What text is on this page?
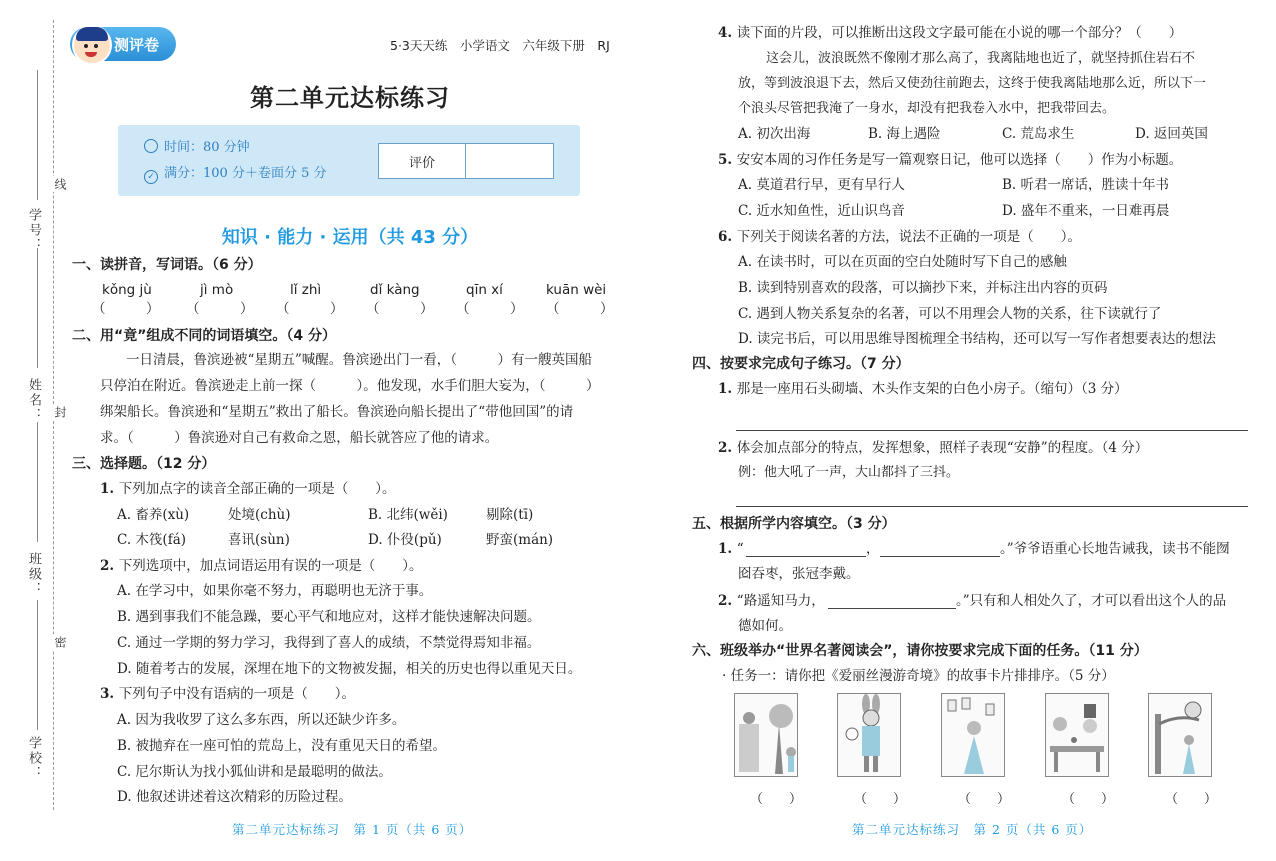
学号：
姓名：
班级：
学校：
线
封
密
测评卷	5·3天天练　小学语文　六年级下册　RJ
第二单元达标练习
时间：80 分钟
✓ 满分：100 分＋卷面分 5 分
评价
知识 · 能力 · 运用（共 43 分）
一、读拼音，写词语。（6 分）
kǒng jù	jì mò	lǐ zhì	dǐ kàng	qīn xí	kuān wèi
（　　　） （　　　） （　　　） （　　　） （　　　） （　　　）
二、用“竟”组成不同的词语填空。（4 分）
一日清晨，鲁滨逊被“星期五”喊醒。鲁滨逊出门一看，（　　　）有一艘英国船
只停泊在附近。鲁滨逊走上前一探（　　　）。他发现，水手们胆大妄为，（　　　）
绑架船长。鲁滨逊和“星期五”救出了船长。鲁滨逊向船长提出了“带他回国”的请
求。（　　　）鲁滨逊对自己有救命之恩，船长就答应了他的请求。
三、选择题。（12 分）
1. 下列加点字的读音全部正确的一项是（　　）。
A. 畜养(xù)	处境(chù)	B. 北纬(wěi)	剔除(tī)
C. 木筏(fá)	喜讯(sùn)	D. 仆役(pǔ)	野蛮(mán)
2. 下列选项中，加点词语运用有误的一项是（　　）。
A. 在学习中，如果你毫不努力，再聪明也无济于事。
B. 遇到事我们不能急躁，要心平气和地应对，这样才能快速解决问题。
C. 通过一学期的努力学习，我得到了喜人的成绩，不禁觉得焉知非福。
D. 随着考古的发展，深埋在地下的文物被发掘，相关的历史也得以重见天日。
3. 下列句子中没有语病的一项是（　　）。
A. 因为我收罗了这么多东西，所以还缺少许多。
B. 被抛弃在一座可怕的荒岛上，没有重见天日的希望。
C. 尼尔斯认为找小狐仙讲和是最聪明的做法。
D. 他叙述讲述着这次精彩的历险过程。
第二单元达标练习　第 1 页（共 6 页）
4. 读下面的片段，可以推断出这段文字最可能在小说的哪一个部分？（　　）
这会儿，波浪既然不像刚才那么高了，我离陆地也近了，就坚持抓住岩石不
放，等到波浪退下去，然后又使劲往前跑去，这终于使我离陆地那么近，所以下一
个浪头尽管把我淹了一身水，却没有把我卷入水中，把我带回去。
A. 初次出海	B. 海上遇险	C. 荒岛求生	D. 返回英国
5. 安安本周的习作任务是写一篇观察日记，他可以选择（　　）作为小标题。
A. 莫道君行早，更有早行人	B. 听君一席话，胜读十年书
C. 近水知鱼性，近山识鸟音	D. 盛年不重来，一日难再晨
6. 下列关于阅读名著的方法，说法不正确的一项是（　　）。
A. 在读书时，可以在页面的空白处随时写下自己的感触
B. 读到特别喜欢的段落，可以摘抄下来，并标注出内容的页码
C. 遇到人物关系复杂的名著，可以不用理会人物的关系，往下读就行了
D. 读完书后，可以用思维导图梳理全书结构，还可以写一写作者想要表达的想法
四、按要求完成句子练习。（7 分）
1. 那是一座用石头砌墙、木头作支架的白色小房子。（缩句）（3 分）
2. 体会加点部分的特点，发挥想象，照样子表现“安静”的程度。（4 分）
例：他大吼了一声，大山都抖了三抖。
五、根据所学内容填空。（3 分）
1. “	，	。”爷爷语重心长地告诫我，读书不能囫
囵吞枣，张冠李戴。
2. “路遥知马力，	。”只有和人相处久了，才可以看出这个人的品
德如何。
六、班级举办“世界名著阅读会”，请你按要求完成下面的任务。（11 分）
· 任务一：请你把《爱丽丝漫游奇境》的故事卡片排排序。（5 分）
（　　）	（　　）	（　　）	（　　）	（　　）
第二单元达标练习　第 2 页（共 6 页）
